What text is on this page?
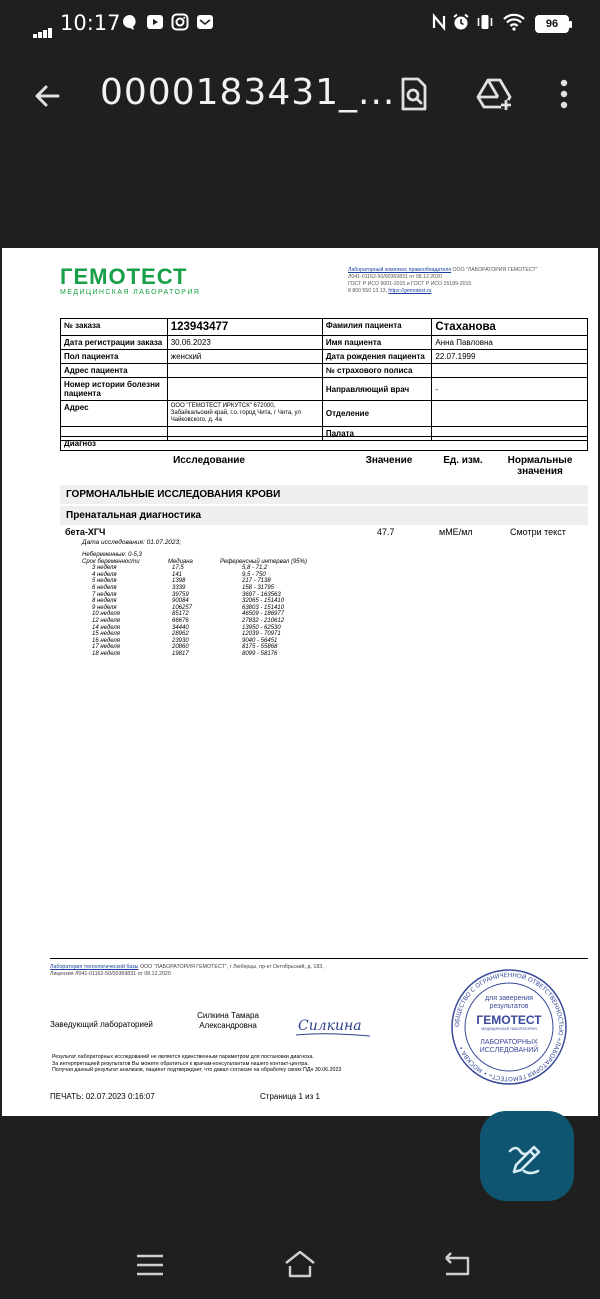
10:17	96
0000183431_...
ГЕМОТЕСТ
МЕДИЦИНСКАЯ ЛАБОРАТОРИЯ
Лабораторный комплекс правообладателя ООО "ЛАБОРАТОРИЯ ГЕМОТЕСТ"
Л041-01162-50/00369831 от 08.12.2020
ГОСТ Р ИСО 9001-2015 и ГОСТ Р ИСО 15189-2015
8 800 550 13 13, https://gemotest.ru
№ заказа	123943477	Фамилия пациента	Стаханова
Дата регистрации заказа	30.06.2023	Имя пациента	Анна Павловна
Пол пациента	женский	Дата рождения пациента	22.07.1999
Адрес пациента		№ страхового полиса	
Номер истории болезни пациента		Направляющий врач	-
Адрес	ООО "ГЕМОТЕСТ ИРКУТСК" 672000, Забайкальский край, г.о. город Чита, г Чита, ул Чайковского, д. 4а	Отделение	
		Палата	
Диагноз
Исследование	Значение	Ед. изм.	Нормальные значения
ГОРМОНАЛЬНЫЕ ИССЛЕДОВАНИЯ КРОВИ
Пренатальная диагностика
бета-ХГЧ	47.7	мМЕ/мл	Смотри текст
Дата исследования: 01.07.2023;
Небеременные: 0-5,3
Срок беременности	Медиана	Референсный интервал (95%)
3 неделя	17,5	5,8 - 71,2
4 неделя	141	9,5 - 750
5 неделя	1398	217 - 7138
6 неделя	3339	158 - 31795
7 неделя	39759	3697 - 163563
8 неделя	90084	32065 - 151410
9 неделя	106257	63803 - 151410
10 неделя	85172	46509 - 186977
12 неделя	66676	27832 - 210612
14 неделя	34440	13950 - 62530
15 неделя	28962	12039 - 70971
16 неделя	23930	9040 - 56451
17 неделя	20860	8175 - 55868
18 неделя	19817	8099 - 58176
Лаборатория технологической базы ООО "ЛАБОРАТОРИЯ ГЕМОТЕСТ", г Люберцы, пр-кт Октябрьский, д. 183,
Лицензия Л041-01162-50/00369831 от 08.12.2020
Заведующий лабораторией
Силкина Тамара Александровна	Силкина
Результат лабораторных исследований не является единственным параметром для постановки диагноза.
За интерпретацией результатов Вы можете обратиться к врачам-консультантам нашего контакт-центра.
Получая данный результат анализов, пациент подтверждает, что давал согласие на обработку своих ПДн 30.06.2023
ПЕЧАТЬ: 02.07.2023 0:16:07	Страница 1 из 1
ОБЩЕСТВО С ОГРАНИЧЕННОЙ ОТВЕТСТВЕННОСТЬЮ «ЛАБОРАТОРИЯ ГЕМОТЕСТ» • МОСКВА •
для заверения
результатов
ГЕМОТЕСТ
МЕДИЦИНСКАЯ ЛАБОРАТОРИЯ
ЛАБОРАТОРНЫХ
ИССЛЕДОВАНИЙ
